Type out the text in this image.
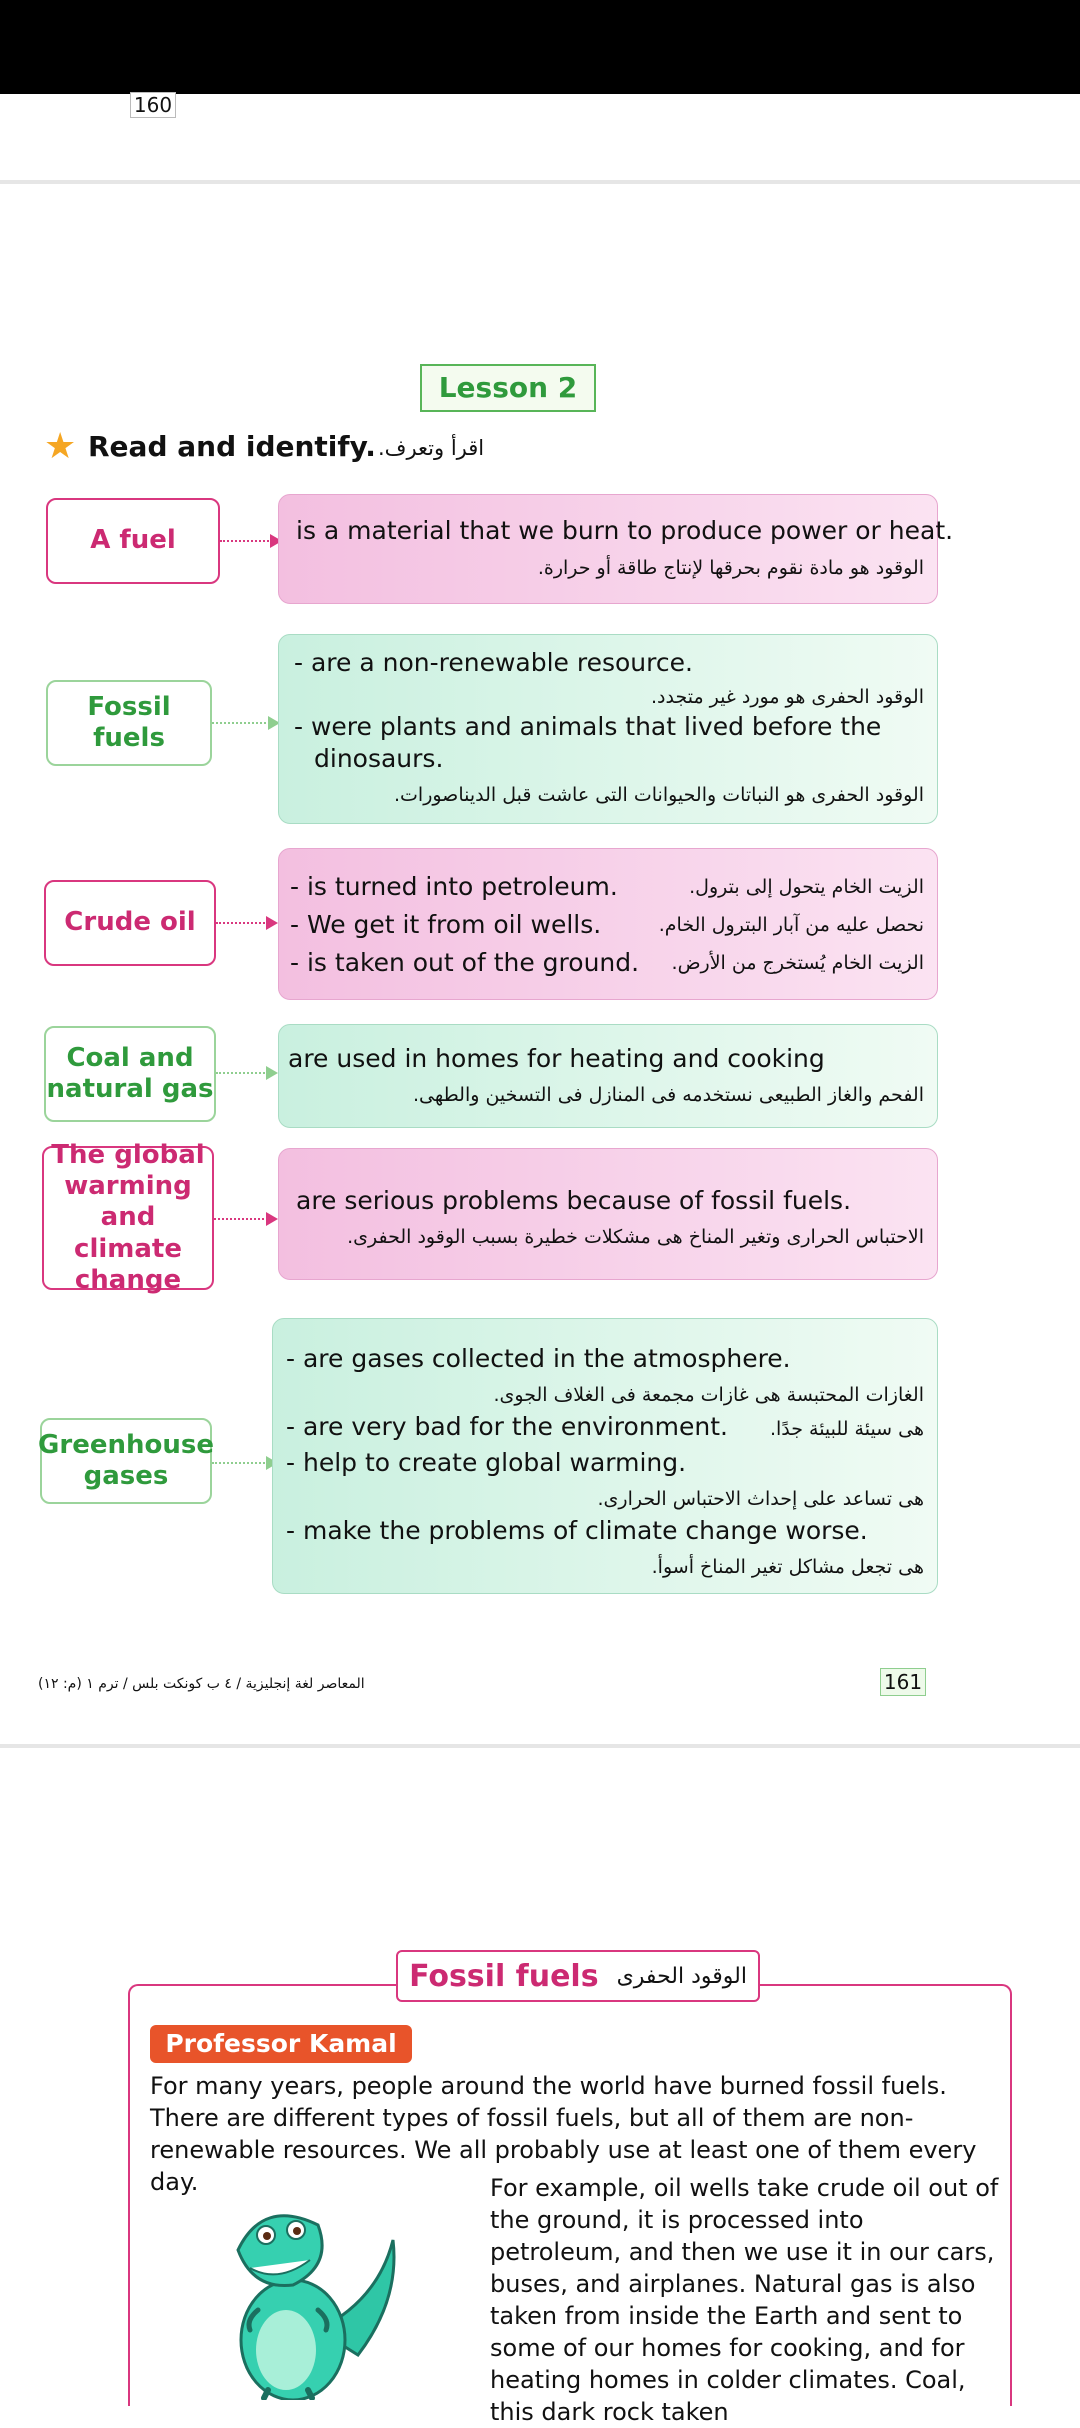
160
Lesson 2
★ Read and identify. اقرأ وتعرف.
A fuel	is a material that we burn to produce power or heat.
الوقود هو مادة نقوم بحرقها لإنتاج طاقة أو حرارة.
Fossil fuels
- are a non-renewable resource.
الوقود الحفرى هو مورد غير متجدد.
- were plants and animals that lived before the
dinosaurs.
الوقود الحفرى هو النباتات والحيوانات التى عاشت قبل الديناصورات.
Crude oil
- is turned into petroleum.	الزيت الخام يتحول إلى بترول.
- We get it from oil wells.	نحصل عليه من آبار البترول الخام.
- is taken out of the ground. الزيت الخام يُستخرج من الأرض.
Coal and natural gas
are used in homes for heating and cooking
الفحم والغاز الطبيعى نستخدمه فى المنازل فى التسخين والطهى.
The global warming and climate change
are serious problems because of fossil fuels.
الاحتباس الحرارى وتغير المناخ هى مشكلات خطيرة بسبب الوقود الحفرى.
Greenhouse gases
- are gases collected in the atmosphere.
الغازات المحتبسة هى غازات مجمعة فى الغلاف الجوى.
- are very bad for the environment. هى سيئة للبيئة جدًا.
- help to create global warming.
هى تساعد على إحداث الاحتباس الحرارى.
- make the problems of climate change worse.
هى تجعل مشاكل تغير المناخ أسوأ.
المعاصر لغة إنجليزية / ٤ ب كونكت بلس / ترم ١ (م: ١٢)	161
Fossil fuels الوقود الحفرى
Professor Kamal
For many years, people around the world have burned fossil fuels. There are different types of fossil fuels, but all of them are non-renewable resources. We all probably use at least one of them every day.	For example, oil wells take crude oil out of the ground, it is processed into petroleum, and then we use it in our cars, buses, and airplanes. Natural gas is also taken from inside the Earth and sent to some of our homes for cooking, and for heating homes in colder climates. Coal, this dark rock taken
